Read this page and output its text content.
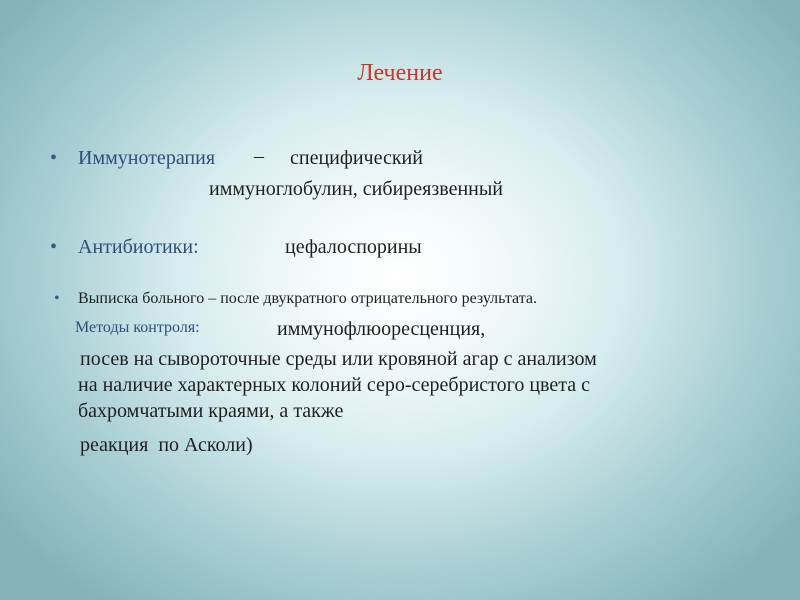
Лечение
• Иммунотерапия – специфический
иммуноглобулин, сибиреязвенный
• Антибиотики:	цефалоспорины
• Выписка больного – после двукратного отрицательного результата.
Методы контроля:	иммунофлюоресценция,
посев на сывороточные среды или кровяной агар с анализом
на наличие характерных колоний серо-серебристого цвета с
бахромчатыми краями, а также
реакция  по Асколи)
